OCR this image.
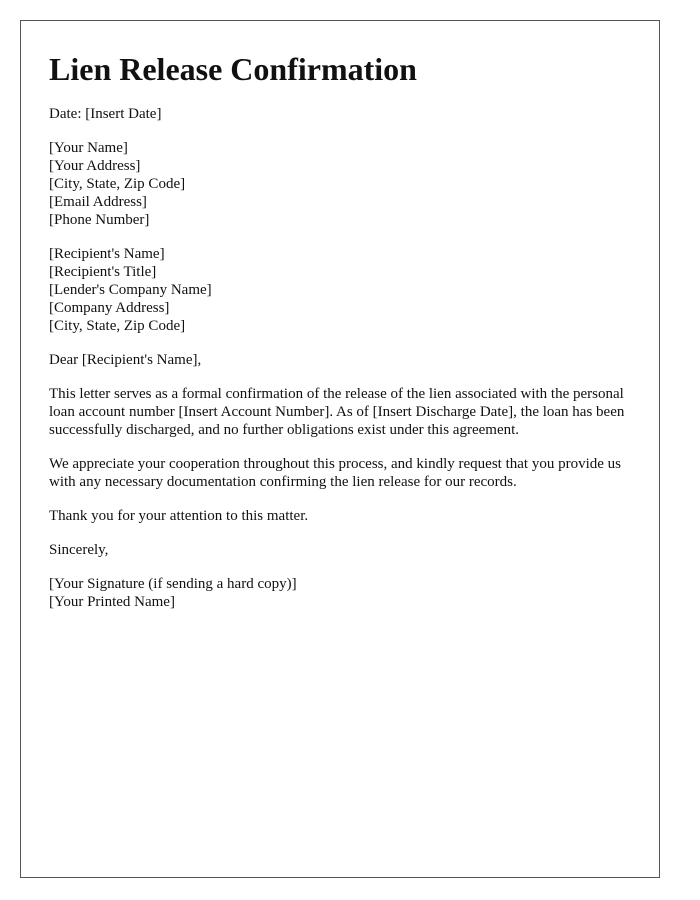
Lien Release Confirmation

Date: [Insert Date]

[Your Name]
[Your Address]
[City, State, Zip Code]
[Email Address]
[Phone Number]

[Recipient's Name]
[Recipient's Title]
[Lender's Company Name]
[Company Address]
[City, State, Zip Code]

Dear [Recipient's Name],

This letter serves as a formal confirmation of the release of the lien associated with the personal loan account number [Insert Account Number]. As of [Insert Discharge Date], the loan has been successfully discharged, and no further obligations exist under this agreement.

We appreciate your cooperation throughout this process, and kindly request that you provide us with any necessary documentation confirming the lien release for our records.

Thank you for your attention to this matter.

Sincerely,

[Your Signature (if sending a hard copy)]
[Your Printed Name]
